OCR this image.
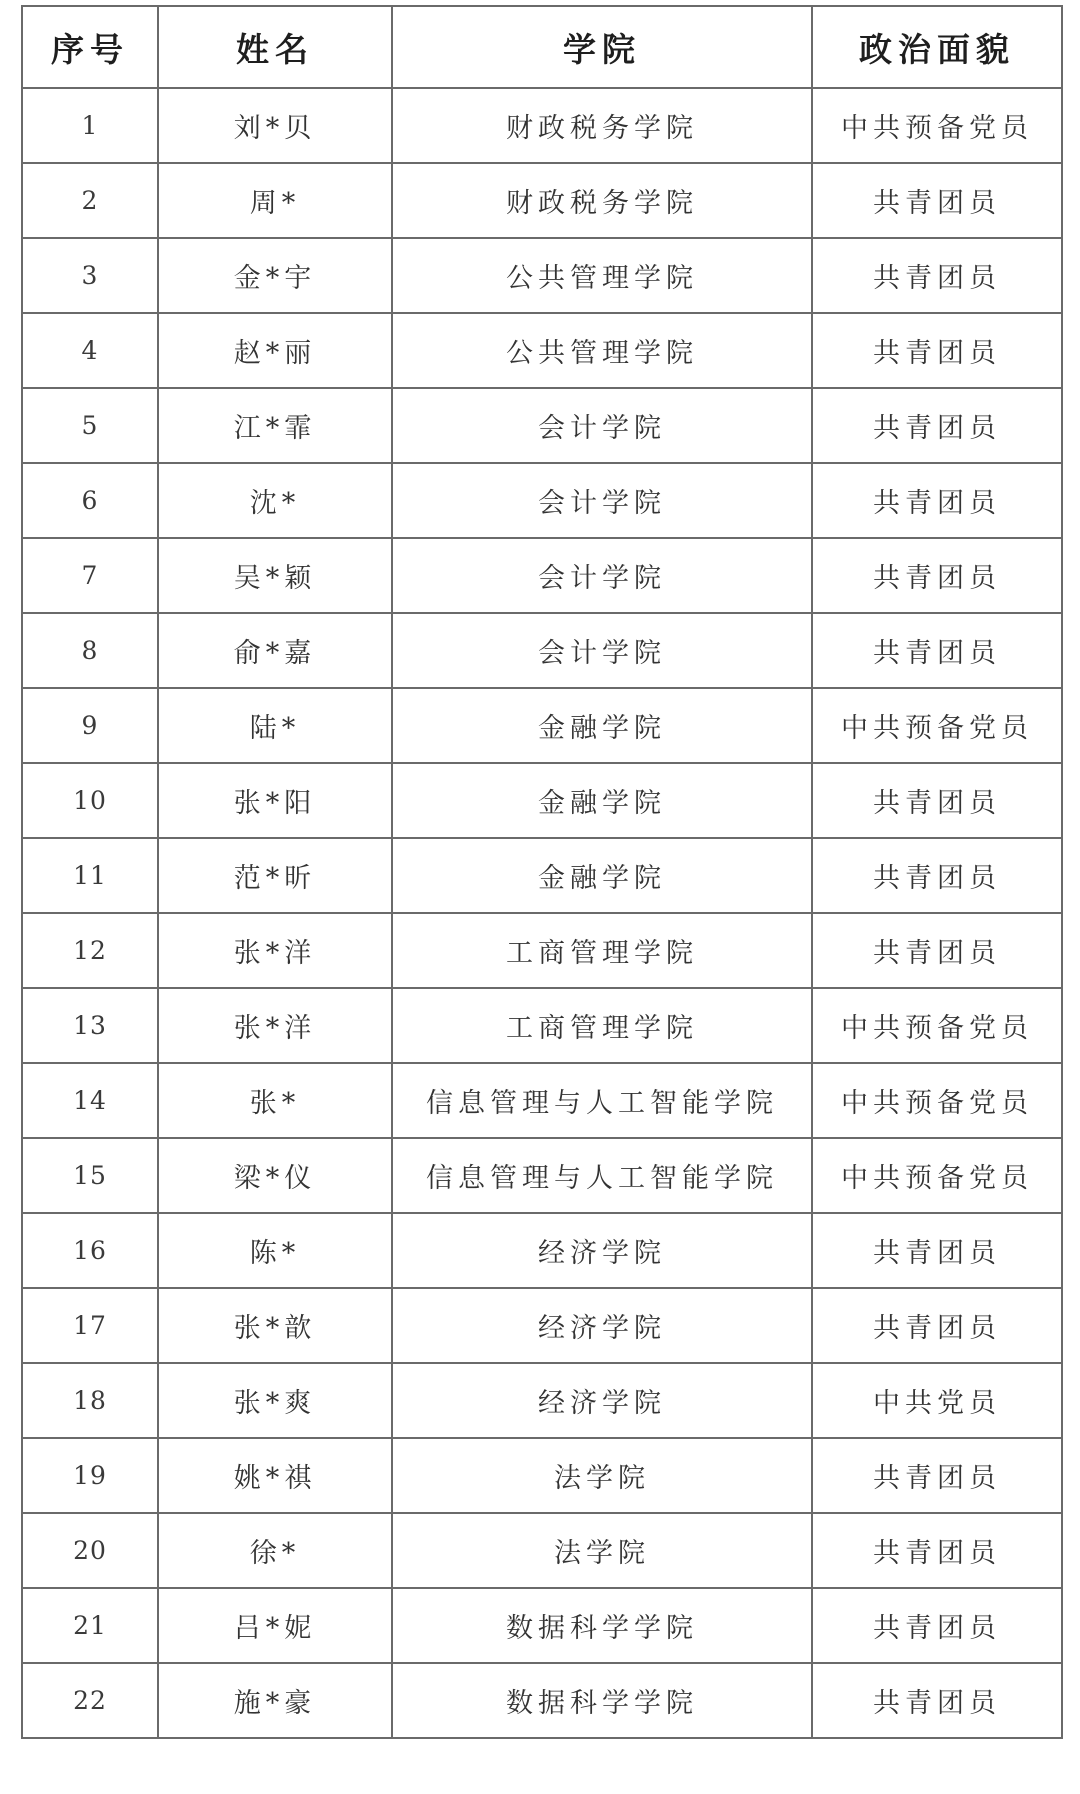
序号	姓名	学院	政治面貌
1	刘*贝	财政税务学院	中共预备党员
2	周*	财政税务学院	共青团员
3	金*宇	公共管理学院	共青团员
4	赵*丽	公共管理学院	共青团员
5	江*霏	会计学院	共青团员
6	沈*	会计学院	共青团员
7	吴*颖	会计学院	共青团员
8	俞*嘉	会计学院	共青团员
9	陆*	金融学院	中共预备党员
10	张*阳	金融学院	共青团员
11	范*昕	金融学院	共青团员
12	张*洋	工商管理学院	共青团员
13	张*洋	工商管理学院	中共预备党员
14	张*	信息管理与人工智能学院	中共预备党员
15	梁*仪	信息管理与人工智能学院	中共预备党员
16	陈*	经济学院	共青团员
17	张*歆	经济学院	共青团员
18	张*爽	经济学院	中共党员
19	姚*祺	法学院	共青团员
20	徐*	法学院	共青团员
21	吕*妮	数据科学学院	共青团员
22	施*豪	数据科学学院	共青团员
